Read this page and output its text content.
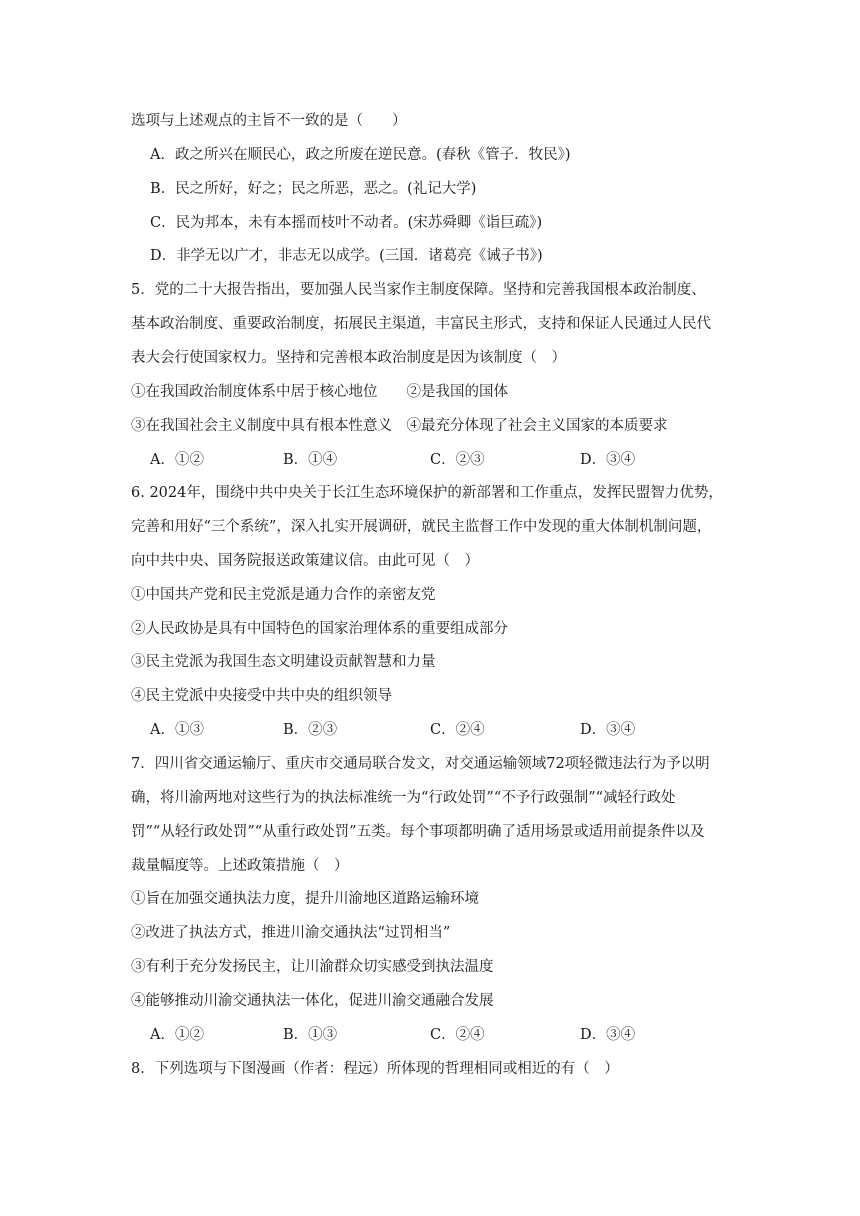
选项与上述观点的主旨不一致的是（　　）
A．政之所兴在顺民心，政之所废在逆民意。(春秋《管子．牧民》)
B．民之所好，好之；民之所恶，恶之。(礼记大学)
C．民为邦本，未有本摇而枝叶不动者。(宋苏舜卿《诣巨疏》)
D．非学无以广才，非志无以成学。(三国．诸葛亮《诫子书》)
5．党的二十大报告指出，要加强人民当家作主制度保障。坚持和完善我国根本政治制度、
基本政治制度、重要政治制度，拓展民主渠道，丰富民主形式，支持和保证人民通过人民代
表大会行使国家权力。坚持和完善根本政治制度是因为该制度（　）
①在我国政治制度体系中居于核心地位　　②是我国的国体
③在我国社会主义制度中具有根本性意义　④最充分体现了社会主义国家的本质要求
A．①②	B．①④	C．②③	D．③④
6. 2024年，围绕中共中央关于长江生态环境保护的新部署和工作重点，发挥民盟智力优势，
完善和用好“三个系统”，深入扎实开展调研，就民主监督工作中发现的重大体制机制问题，
向中共中央、国务院报送政策建议信。由此可见（　）
①中国共产党和民主党派是通力合作的亲密友党
②人民政协是具有中国特色的国家治理体系的重要组成部分
③民主党派为我国生态文明建设贡献智慧和力量
④民主党派中央接受中共中央的组织领导
A．①③	B．②③	C．②④	D．③④
7．四川省交通运输厅、重庆市交通局联合发文，对交通运输领域72项轻微违法行为予以明
确，将川渝两地对这些行为的执法标准统一为“行政处罚”“不予行政强制”“减轻行政处
罚”“从轻行政处罚”“从重行政处罚”五类。每个事项都明确了适用场景或适用前提条件以及
裁量幅度等。上述政策措施（　）
①旨在加强交通执法力度，提升川渝地区道路运输环境
②改进了执法方式，推进川渝交通执法“过罚相当”
③有利于充分发扬民主，让川渝群众切实感受到执法温度
④能够推动川渝交通执法一体化，促进川渝交通融合发展
A．①②	B．①③	C．②④	D．③④
8．下列选项与下图漫画（作者：程远）所体现的哲理相同或相近的有（　）
